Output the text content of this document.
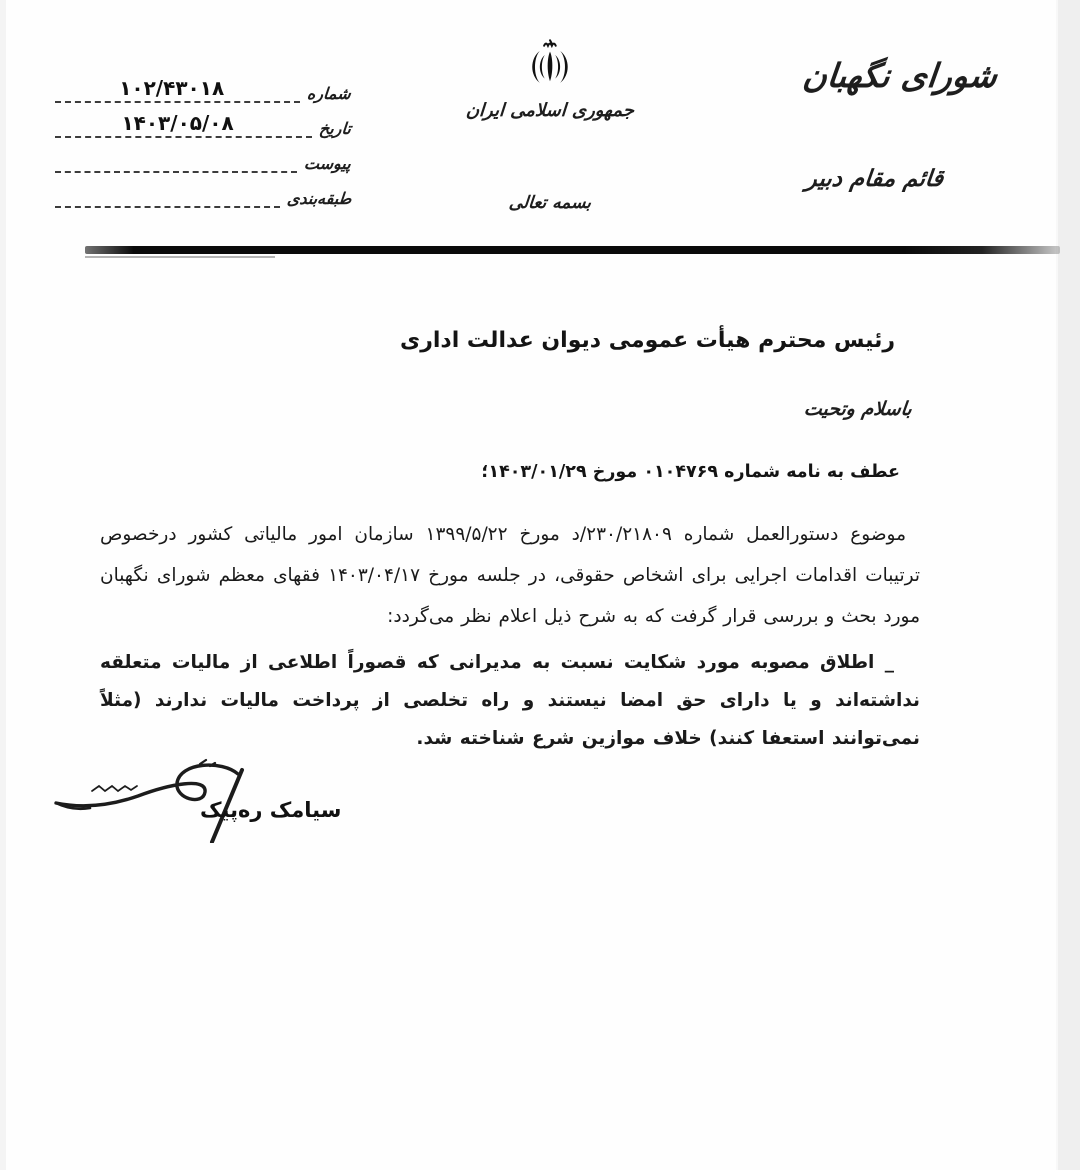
شماره
۱۰۲/۴۳۰۱۸
تاریخ
۱۴۰۳/۰۵/۰۸
پیوست
طبقه‌بندی
جمهوری اسلامی ایران
بسمه تعالی
شورای نگهبان
قائم مقام دبیر
رئیس محترم هیأت عمومی دیوان عدالت اداری
باسلام وتحیت
عطف به نامه شماره ۰۱۰۴۷۶۹ مورخ ۱۴۰۳/۰۱/۲۹؛
موضوع دستورالعمل شماره ۲۳۰/۲۱۸۰۹/د مورخ ۱۳۹۹/۵/۲۲ سازمان امور مالیاتی کشور درخصوص ترتیبات اقدامات اجرایی برای اشخاص حقوقی، در جلسه مورخ ۱۴۰۳/۰۴/۱۷ فقهای معظم شورای نگهبان مورد بحث و بررسی قرار گرفت که به شرح ذیل اعلام نظر می‌گردد:
_ اطلاق مصوبه مورد شکایت نسبت به مدیرانی که قصوراً اطلاعی از مالیات متعلقه نداشته‌اند و یا دارای حق امضا نیستند و راه تخلصی از پرداخت مالیات ندارند (مثلاً نمی‌توانند استعفا کنند) خلاف موازین شرع شناخته شد.
سیامک ره‌پیک
